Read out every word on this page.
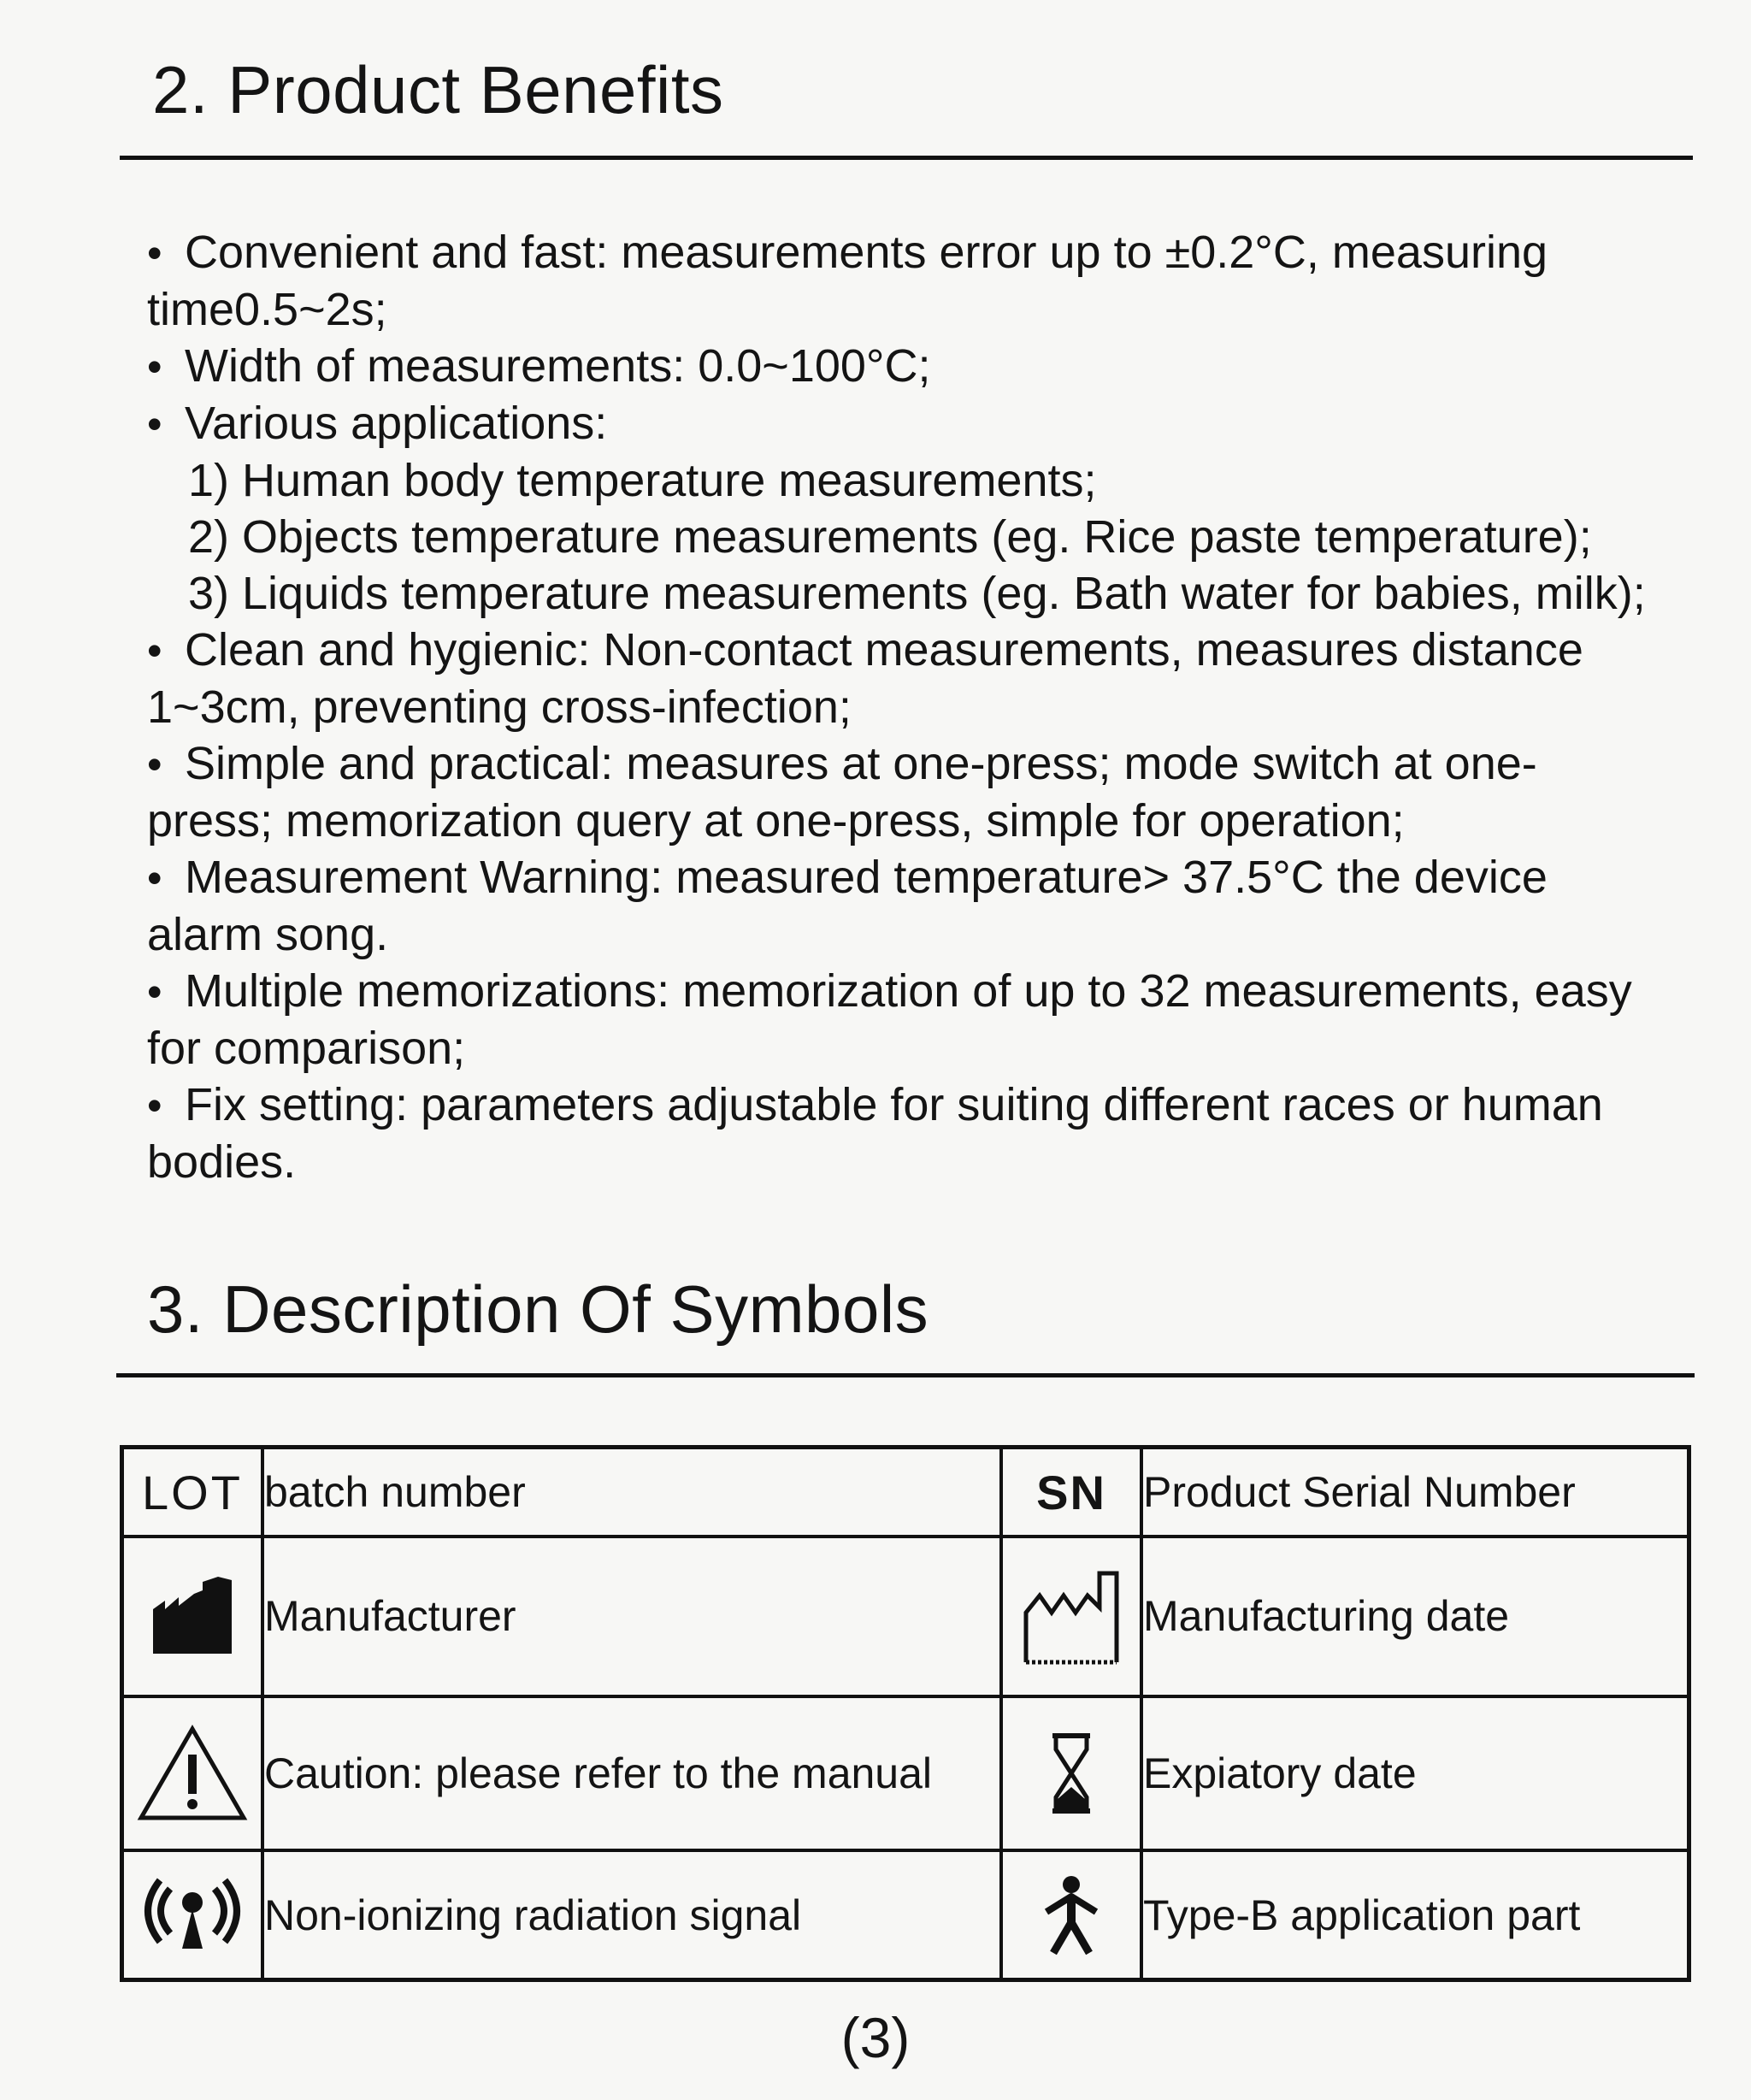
2. Product Benefits
• Convenient and fast: measurements error up to ±0.2°C, measuring time0.5~2s;
• Width of measurements: 0.0~100°C;
• Various applications:
1) Human body temperature measurements;
2) Objects temperature measurements (eg. Rice paste temperature);
3) Liquids temperature measurements (eg. Bath water for babies, milk);
• Clean and hygienic: Non-contact measurements, measures distance 1~3cm, preventing cross-infection;
• Simple and practical: measures at one-press; mode switch at one-press; memorization query at one-press, simple for operation;
• Measurement Warning: measured temperature> 37.5°C the device alarm song.
• Multiple memorizations: memorization of up to 32 measurements, easy for comparison;
• Fix setting: parameters adjustable for suiting different races or human bodies.
3. Description Of Symbols
LOT	batch number	SN	Product Serial Number
	Manufacturer		Manufacturing date
	Caution: please refer to the manual		Expiatory date
	Non-ionizing radiation signal		Type-B application part
(3)
